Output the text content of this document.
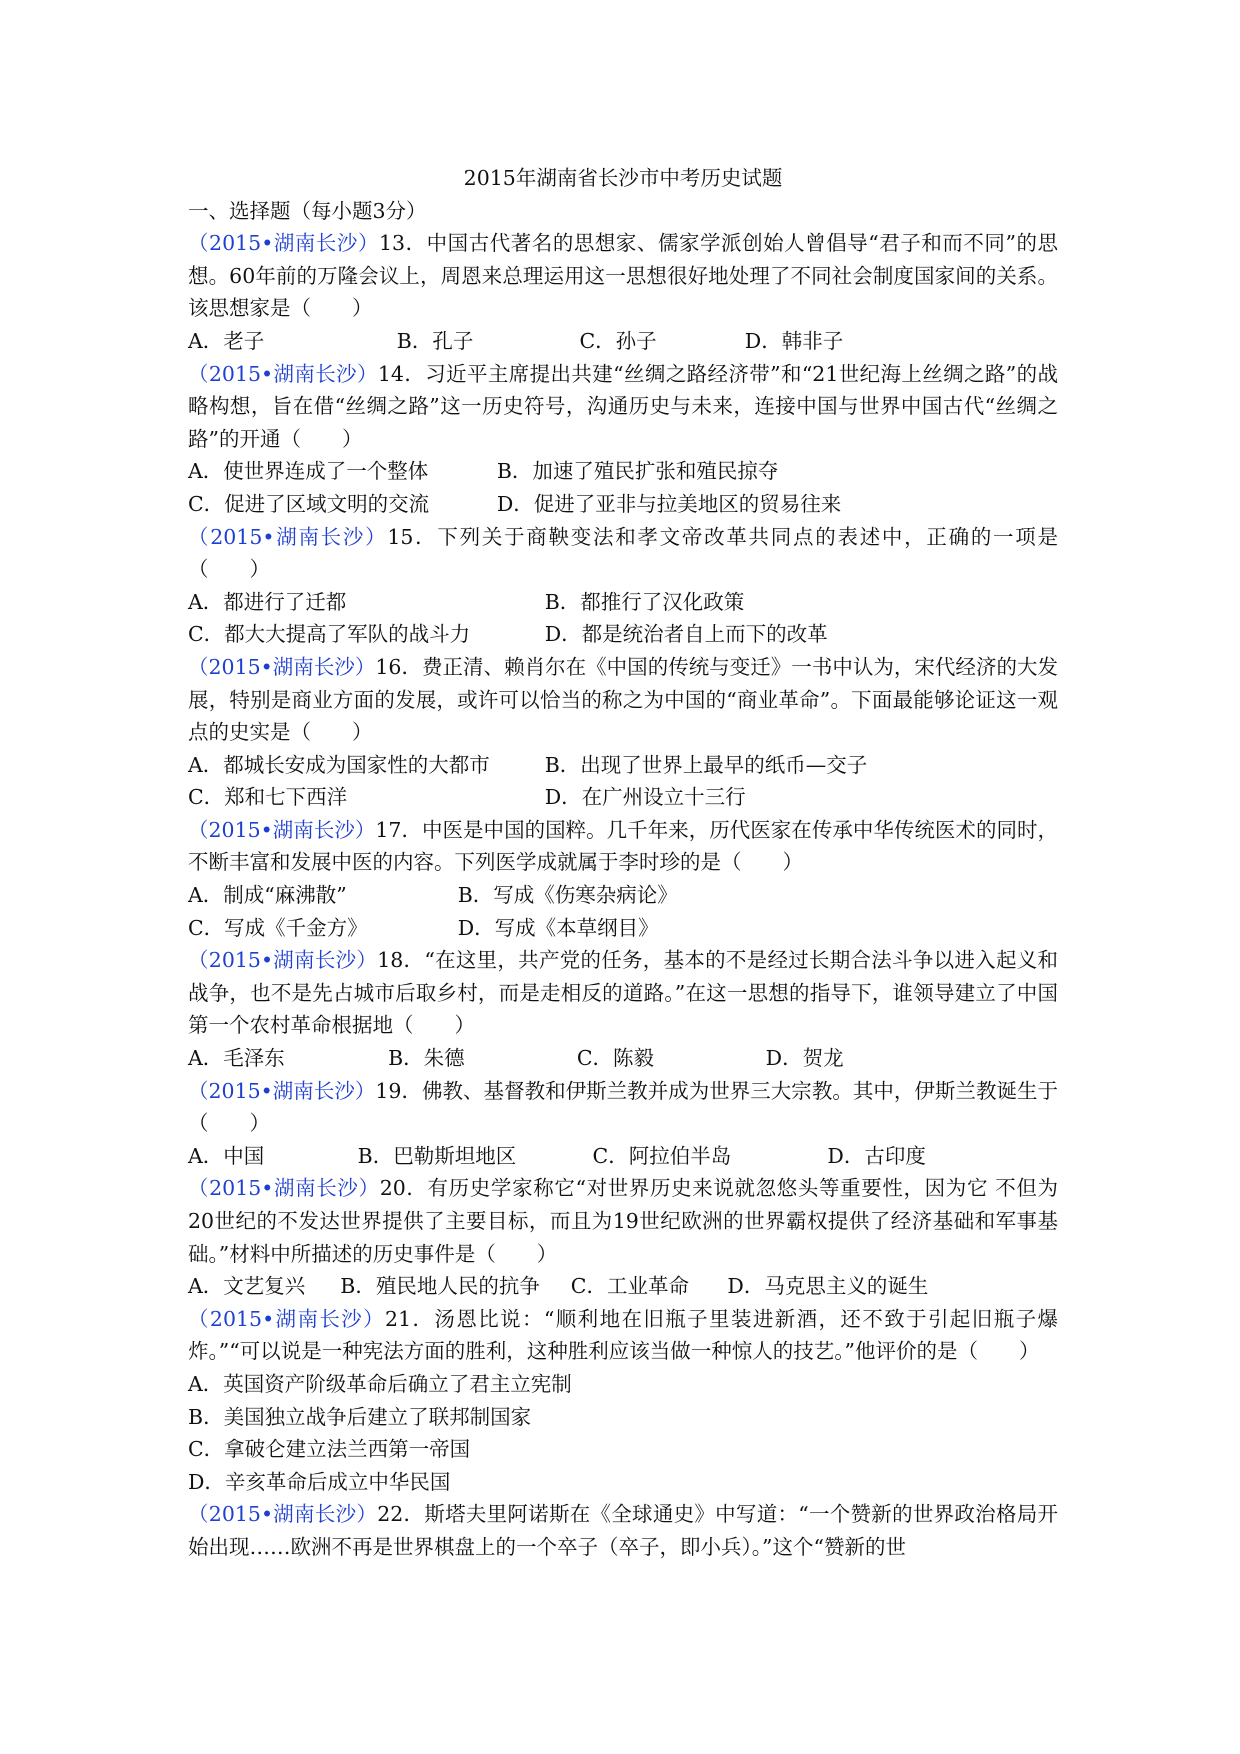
2015年湖南省长沙市中考历史试题

一、选择题（每小题3分）

（2015•湖南长沙）13．中国古代著名的思想家、儒家学派创始人曾倡导“君子和而不同”的思想。60年前的万隆会议上，周恩来总理运用这一思想很好地处理了不同社会制度国家间的关系。该思想家是（　　）

A．老子	B．孔子	C．孙子	D．韩非子

（2015•湖南长沙）14．习近平主席提出共建“丝绸之路经济带”和“21世纪海上丝绸之路”的战略构想，旨在借“丝绸之路”这一历史符号，沟通历史与未来，连接中国与世界中国古代“丝绸之路”的开通（　　）

A．使世界连成了一个整体	B．加速了殖民扩张和殖民掠夺
C．促进了区域文明的交流	D．促进了亚非与拉美地区的贸易往来

（2015•湖南长沙）15．下列关于商鞅变法和孝文帝改革共同点的表述中，正确的一项是（　　）

A．都进行了迁都	B．都推行了汉化政策
C．都大大提高了军队的战斗力	D．都是统治者自上而下的改革

（2015•湖南长沙）16．费正清、赖肖尔在《中国的传统与变迁》一书中认为，宋代经济的大发展，特别是商业方面的发展，或许可以恰当的称之为中国的“商业革命”。下面最能够论证这一观点的史实是（　　）

A．都城长安成为国家性的大都市	B．出现了世界上最早的纸币—交子
C．郑和七下西洋	D．在广州设立十三行

（2015•湖南长沙）17．中医是中国的国粹。几千年来，历代医家在传承中华传统医术的同时，不断丰富和发展中医的内容。下列医学成就属于李时珍的是（　　）

A．制成“麻沸散”	B．写成《伤寒杂病论》
C．写成《千金方》	D．写成《本草纲目》

（2015•湖南长沙）18．“在这里，共产党的任务，基本的不是经过长期合法斗争以进入起义和战争，也不是先占城市后取乡村，而是走相反的道路。”在这一思想的指导下，谁领导建立了中国第一个农村革命根据地（　　）

A．毛泽东	B．朱德	C．陈毅	D．贺龙

（2015•湖南长沙）19．佛教、基督教和伊斯兰教并成为世界三大宗教。其中，伊斯兰教诞生于（　　）

A．中国	B．巴勒斯坦地区	C．阿拉伯半岛	D．古印度

（2015•湖南长沙）20．有历史学家称它“对世界历史来说就忽悠头等重要性，因为它 不但为20世纪的不发达世界提供了主要目标，而且为19世纪欧洲的世界霸权提供了经济基础和军事基础。”材料中所描述的历史事件是（　　）

A．文艺复兴	B．殖民地人民的抗争	C．工业革命	D．马克思主义的诞生

（2015•湖南长沙）21．汤恩比说：“顺利地在旧瓶子里装进新酒，还不致于引起旧瓶子爆炸。”“可以说是一种宪法方面的胜利，这种胜利应该当做一种惊人的技艺。”他评价的是（　　）

A．英国资产阶级革命后确立了君主立宪制

B．美国独立战争后建立了联邦制国家

C．拿破仑建立法兰西第一帝国

D．辛亥革命后成立中华民国

（2015•湖南长沙）22．斯塔夫里阿诺斯在《全球通史》中写道：“一个赞新的世界政治格局开始出现……欧洲不再是世界棋盘上的一个卒子（卒子，即小兵）。”这个“赞新的世
